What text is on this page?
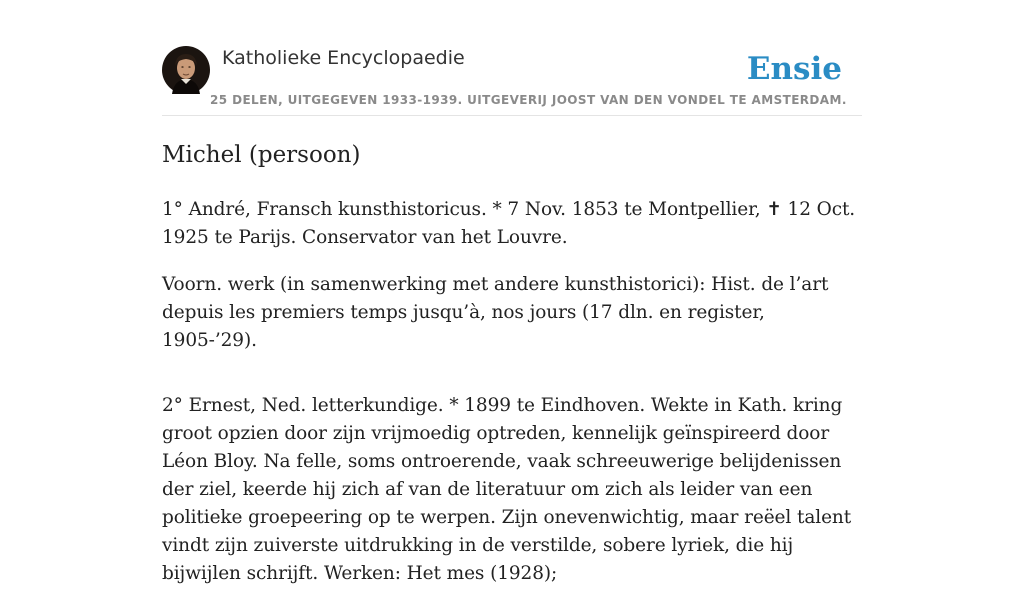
Katholieke Encyclopaedie
25 DELEN, UITGEGEVEN 1933-1939. UITGEVERIJ JOOST VAN DEN VONDEL TE AMSTERDAM.
Ensie
Michel (persoon)

1° André, Fransch kunsthistoricus. * 7 Nov. 1853 te Montpellier, ✝ 12 Oct. 1925 te Parijs. Conservator van het Louvre.

Voorn. werk (in samenwerking met andere kunsthistorici): Hist. de l’art depuis les premiers temps jusqu’à, nos jours (17 dln. en register, 1905-’29).

2° Ernest, Ned. letterkundige. * 1899 te Eindhoven. Wekte in Kath. kring groot opzien door zijn vrijmoedig optreden, kennelijk geïnspireerd door Léon Bloy. Na felle, soms ontroerende, vaak schreeuwerige belijdenissen der ziel, keerde hij zich af van de literatuur om zich als leider van een politieke groepeering op te werpen. Zijn onevenwichtig, maar reëel talent vindt zijn zuiverste uitdrukking in de verstilde, sobere lyriek, die hij bijwijlen schrijft. Werken: Het mes (1928);
